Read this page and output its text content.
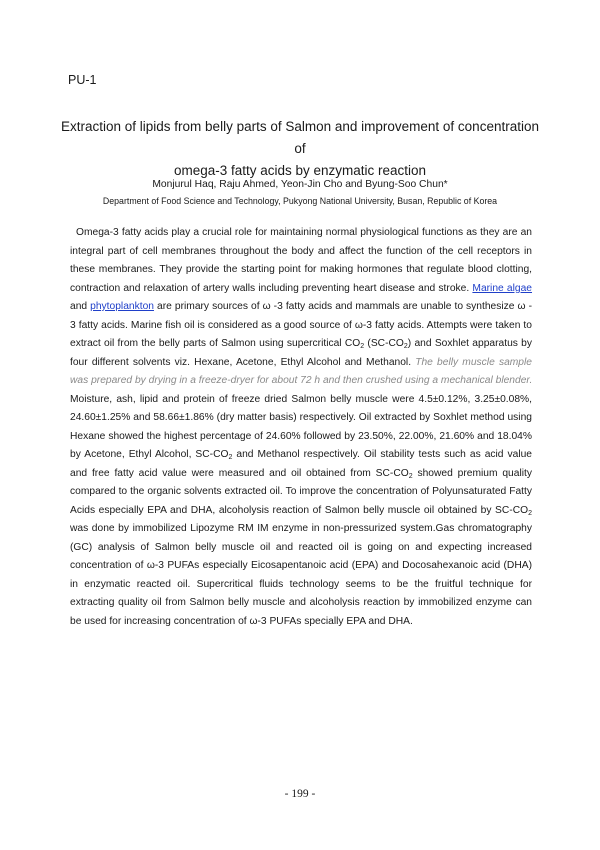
PU-1
Extraction of lipids from belly parts of Salmon and improvement of concentration of
omega-3 fatty acids by enzymatic reaction
Monjurul Haq, Raju Ahmed, Yeon-Jin Cho and Byung-Soo Chun*
Department of Food Science and Technology, Pukyong National University, Busan, Republic of Korea
Omega-3 fatty acids play a crucial role for maintaining normal physiological functions as they are an
integral part of cell membranes throughout the body and affect the function of the cell receptors in
these membranes. They provide the starting point for making hormones that regulate blood clotting,
contraction and relaxation of artery walls including preventing heart disease and stroke. Marine algae
and phytoplankton are primary sources of ω -3 fatty acids and mammals are unable to synthesize ω -
3 fatty acids. Marine fish oil is considered as a good source of ω-3 fatty acids. Attempts were taken to
extract oil from the belly parts of Salmon using supercritical $CO_2$ $(SC-CO_2)$ and Soxhlet apparatus by
four different solvents viz. Hexane, Acetone, Ethyl Alcohol and Methanol. The belly muscle sample
was prepared by drying in a freeze-dryer for about 72 h and then crushed using a mechanical blender.
Moisture, ash, lipid and protein of freeze dried Salmon belly muscle were 4.5±0.12%, 3.25±0.08%,
24.60±1.25% and 58.66±1.86% (dry matter basis) respectively. Oil extracted by Soxhlet method using
Hexane showed the highest percentage of 24.60% followed by 23.50%, 22.00%, 21.60% and 18.04%
by Acetone, Ethyl Alcohol, $SC-CO_2$ and Methanol respectively. Oil stability tests such as acid value
and free fatty acid value were measured and oil obtained from $SC-CO_2$ showed premium quality
compared to the organic solvents extracted oil. To improve the concentration of Polyunsaturated Fatty
Acids especially EPA and DHA, alcoholysis reaction of Salmon belly muscle oil obtained by $SC-CO_2$
was done by immobilized Lipozyme RM IM enzyme in non-pressurized system.Gas chromatography
(GC) analysis of Salmon belly muscle oil and reacted oil is going on and expecting increased
concentration of ω-3 PUFAs especially Eicosapentanoic acid (EPA) and Docosahexanoic acid (DHA)
in enzymatic reacted oil. Supercritical fluids technology seems to be the fruitful technique for
extracting quality oil from Salmon belly muscle and alcoholysis reaction by immobilized enzyme can
be used for increasing concentration of ω-3 PUFAs specially EPA and DHA.
- 199 -
